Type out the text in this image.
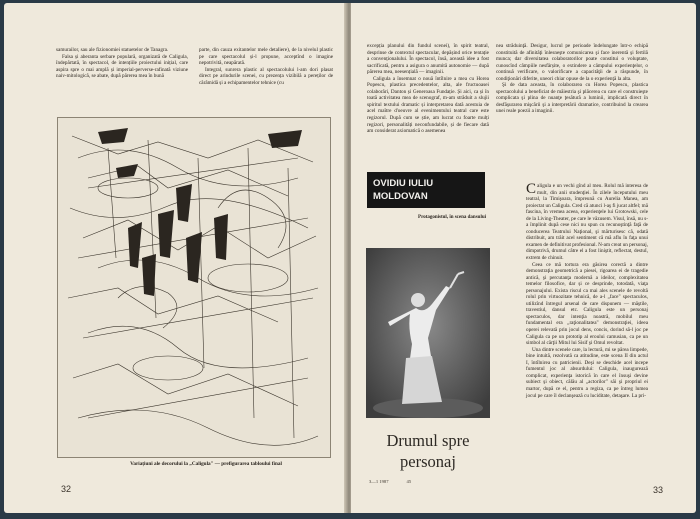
samurailor, sau ale fizionomiei statuetelor de Tanagra.

Falsa și aberanta serbare populară, organizată de Caligula, îndepărtată, în spectacol, de intențiile proiectului inițial, care aspira spre o mai amplă și imperial-perverse-rafinată viziune naiv-mitologică, se abate, după părerea mea în bună

parte, din cauza exitantelor mele detaliere), de la nivelul plastic pe care spectacolul și-l propune, acceptînd o imagine nepotrivită, neapărată.

Integral, sunrera plastic al spectacolului l-am dori plasat direct pe arindurile scenei, cu prezența vizibilă a pereților de cărămidă și a echipamentelor tehnice (cu

Variațiuni ale decorului la „Caligula" — prefigurarea tabloului final
32

excepția planului din fundul scenei), în spirit teatral, desprinse de contextul spectacular, depășind orice tentație a convenționalului. În spectacol, însă, această idee a fost sacrificată, pentru a asigura o anumită autonomie — după părerea mea, neesențială — imaginii.

Caligula a însemnat o nouă întîlnire a mea cu Horea Popescu, plastica precedentelor, alta, ale fructuoasei colaborări, Danton și Generoasa Fundație. Și aici, ca și în toată activitatea mea de scenograf, m-am străduit a slujii spiritul textului dramatic și interpretarea dată acestuia de acel maître d'oeuvre al evenimentului teatral care este regizorul. După cum se știe, am lucrat cu foarte mulți regizori, personalități neconfundabile, și de fiecare dată am considerat axiomatică o asemenea

nea străduinţă. Desigur, lucrul pe perioade îndelungate într-o echipă constituită de afinităţi înlesneşte comunicarea şi face inerentă şi fertilă munca; dar diversitatea colaboratorilor poate constitui o voluptate, cunoscînd câmpiile nesfârșite, o extindere a câmpului experienţelor, o continuă verificare, o valorificare a capacităţii de a răspunde, în condiţionări diferite, uneori chiar opuse de la o experienţă la alta.

Şi de data aceasta, în colaborarea cu Horea Popescu, plastica spectacolului a beneficiat de măiestria şi plăcerea cu care el construieşte complicata şi plina de nuanţe ţesătură a luminii, implicată direct în desfăşurarea mişcării şi a interpretării dramatice, contribuind la crearea unei reale poezii a imaginii.

OVIDIU IULIU
MOLDOVAN
Protagonistul, în scena dansului
Drumul spre
personaj
3—1 1987	45

Caligula e un vechi gînd al meu. Rolul mă interesa de mult, din anii studenţiei. În zilele începutului meu teatral, la Timişoara, împreună cu Aurelia Manea, am proiectat un Caligula. Cred că atunci l-aş fi jucat altfel; mă fascina, în vremea aceea, experienţele lui Grotowski, cele de la Living-Theater, pe care le văzusem. Visul, însă, nu s-a împlinit după cese nici nu spun cu recunoştinţă faţă de conducerea Teatrului Naţional, şi mărturisesc că, odată distribuit, am trăit acel sentiment că mă aflu în faţa unui examen de definitivat profesional. N-am creat un personaj, dimpotrivă, drumul către el a fost liniştit, reflectat, destuI, extrem de chinuit.

Ceea ce mă tortura era găsirea corectă a dintre demonstraţia geometrică a piesei, rigoarea ei de tragedie antică, şi percutanţa modernă a ideilor, complexitatea temelor filosofice, dar și ce desprinde, totodată, viaţa personajului. Exista riscul ca mai ales scenele de revoltă rolul prin virtuozitate tehnică, de a-l „face" spectaculos, utilizînd întregul arsenal de care dispunem — măştile, travestiul, dansul etc. Caligula este un personaj spectaculos, dar intenţia noastră, mobilul meu fundamental era „raţionalitatea" demonstraţiei, ideea operei relevată prin jocul dens, concis, dorind să-l joc pe Caligula ca pe un prototip al eroului camusian, ca pe un simbol al cărţii Mitul lui Sisif şi Omul revoltat.

Una dintre scenele care, la lectură, mi se părea limpede, bine intuită, rezolvată ca atitudine, este scena II din actul I, întîlnirea cu patricienii. Deşi se deschide acel incepe fumentul joc al absurdului: Caligula, inaugurează complicat, experienţa istorică în care el însuşi devine subiect şi obiect, călău al „actorilor" săi şi propriul ei martor, după ce el, pentru a regiza, ca pe întreg lumea jocul pe care îl declanşează cu luciditate, detaşare. La pri-

33
